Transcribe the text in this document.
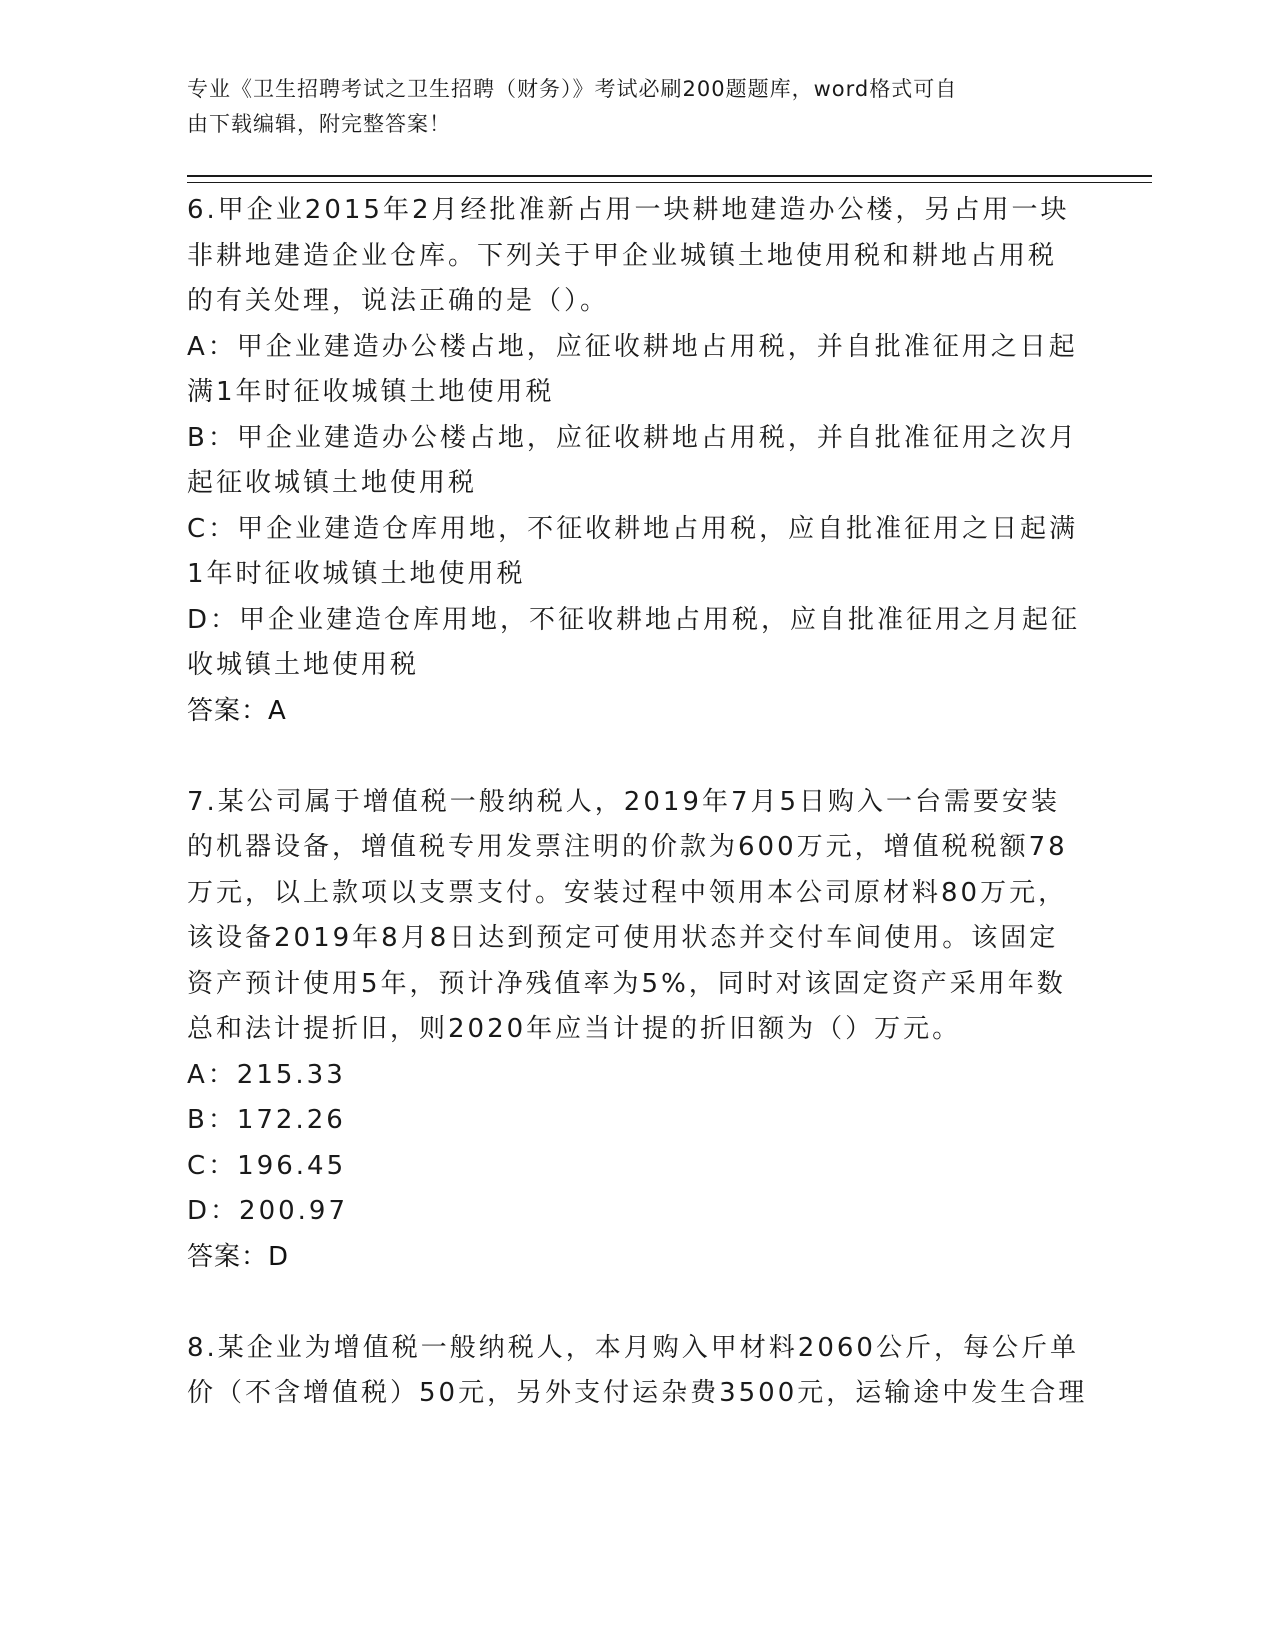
专业《卫生招聘考试之卫生招聘（财务）》考试必刷200题题库，word格式可自
由下载编辑，附完整答案！
6.甲企业2015年2月经批准新占用一块耕地建造办公楼，另占用一块
非耕地建造企业仓库。下列关于甲企业城镇土地使用税和耕地占用税
的有关处理，说法正确的是（）。
A：甲企业建造办公楼占地，应征收耕地占用税，并自批准征用之日起
满1年时征收城镇土地使用税
B：甲企业建造办公楼占地，应征收耕地占用税，并自批准征用之次月
起征收城镇土地使用税
C：甲企业建造仓库用地，不征收耕地占用税，应自批准征用之日起满
1年时征收城镇土地使用税
D：甲企业建造仓库用地，不征收耕地占用税，应自批准征用之月起征
收城镇土地使用税
答案：A
7.某公司属于增值税一般纳税人，2019年7月5日购入一台需要安装
的机器设备，增值税专用发票注明的价款为600万元，增值税税额78
万元，以上款项以支票支付。安装过程中领用本公司原材料80万元，
该设备2019年8月8日达到预定可使用状态并交付车间使用。该固定
资产预计使用5年，预计净残值率为5%，同时对该固定资产采用年数
总和法计提折旧，则2020年应当计提的折旧额为（）万元。
A：215.33
B：172.26
C：196.45
D：200.97
答案：D
8.某企业为增值税一般纳税人，本月购入甲材料2060公斤，每公斤单
价（不含增值税）50元，另外支付运杂费3500元，运输途中发生合理
